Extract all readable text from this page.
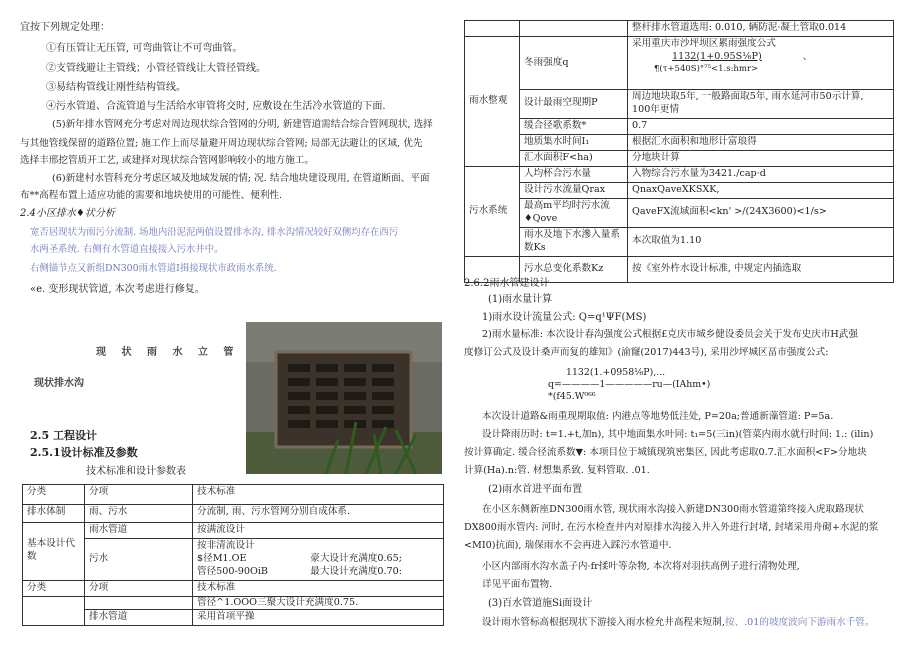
宜按下列规定处理：
①有压管让无压管, 可弯曲管让不可弯曲管。
②支管线避让主管线；小管径管线让大管径管线。
③易结构管线让刚性结构管线。
④污水管道、合流管道与生活给水审管将交时, 应敷设在生活冷水管道的下面.
(5)新年排水管网充分考虑对周边现状综合管网的分明, 新建管道需结合综合管网现状, 选择
与其他管线保留的道路位置; 施工作上而尽量避开周边现状综合管网; 局部无法避让的区域, 优先
选择丰邢挖管质开工艺, 或建择对现状综合管网影响较小的地方施工。
(6)新建村水管科充分考虑区域及地域发展的情; 况. 结合地块建设现用, 在管道断面、平面
布**高程布置上适应功能的需要和地块使用的可能性、便利性.
2.4小区排水♦状分析
宽否居现状为雨污分流制. 场地内沿泥泥两值设置排水沟, 排水沟情况较好双侧均存在西污
水两圣系统. 右侧有水管道直接接入污水井中。
右侧锚节点又新组DN300雨水管道I揖接现状市政雨水系统.
«e. 变形现状管道, 本次考虑进行修复。
现 状 雨 水 立 管
现状排水沟
2.5 工程设计
2.5.1设计标准及参数
技术标准和设计参数表
分类	分项	技术标准
排水体制	雨、污水	分流制, 雨、污水管网分别自成体系.
基本设计代数	雨水管道	按满流设计
	污水	按非清流设计
$径M1.OE 豪大设计充满度0.65;
管径500-90OiB 最大设计充满度0.70:

分类	分项	技术标准
		管径^1.OOO三聚大设计充满度0.75.
	排水管道	采用首项平操
		整杆排水管道选用: 0.010, 辆防泥·凝土管取0.014
雨水整观	冬雨强度q	采用重庆市沙坪坝区累雨强度公式
1132(1+0.95S¹⁄₆P) 、
¶(τ+540S)°⁷⁵<1.s:hmr>

	设计最雨空现期P	周边地块取5年, 一般路面取5年, 雨水延河市50示计算,
100年更情

	缓合径歌系数*	0.7
	地质集水时间I₁	根据汇水面积和地形计富琅得
	汇水面积F<ha)	分地块计算
污水系统	人均杯合污水量	入物综合污水量为3421./cap·d
	设计污水流量Qrax	QnaxQaveXKSXK,

	最高m平均时污水流
♦Qove	QaveFX流域面积<kn' >/(24X3600)<1/s>

	雨水及地下水滲入量系
数Ks	本次取值为1.10
	污水总变化系数Kz	按《室外杵水设计标准, 中规定内插选取
2.6.2雨水管建设计
(1)雨水量计算
1)雨水设计流量公式: Q=q¹ΨF(MS)
2)雨水量标准: 本次设计春沟强度公式根据£克庆市城乡健设委员会关于发布史庆市H武强
度修订公式及设计桑声而复的雄知》(渝窿(2017)443号), 采用沙坪城区畐市强度公式:
1132(1.+0958¹⁄₆P),...
q=————1—————ru—(IAhm•)
*(f45.W⁰⁶⁶
本次设计道路&雨重现期取值: 内港点等地势低洼处, P=20a;普通新藻管道: P=5a.
设计降雨历时: t=1.+t,加n), 其中地面集水叶同: t₁=5(三in)(管菜内雨水就行时间: 1.: (ilin)
按计算确定. 缓合径流系数▼: 本项目位于城镇现筑密集区, 因此考虑取0.7.汇水面积<F>分地块
计算(Ha).n:管. 材想集系致. 复料管取. .01.
(2)雨水首进平面布置
在小区东侧新座DN300雨水管, 现状雨水沟接入新建DN300雨水管道第终接入虎取路现状
DX800雨水管内: 河时, 在污水检查井内对原排水沟接入井入外进行封堵, 封堵采用舟砌+水泥的浆
<MI0)抗面), 瑞保雨水不会再进入踩污水管道中.
小区内部雨水沟水盖子内·fr揉叶等杂物, 本次将对羽扶高例子进行清物处理,
详见平面布置物.
(3)百水管道施Si面设计
设计雨水管标高根据现状下游接入雨水检允井高程来短制,按、.01的坡度波向下游雨水千管。
